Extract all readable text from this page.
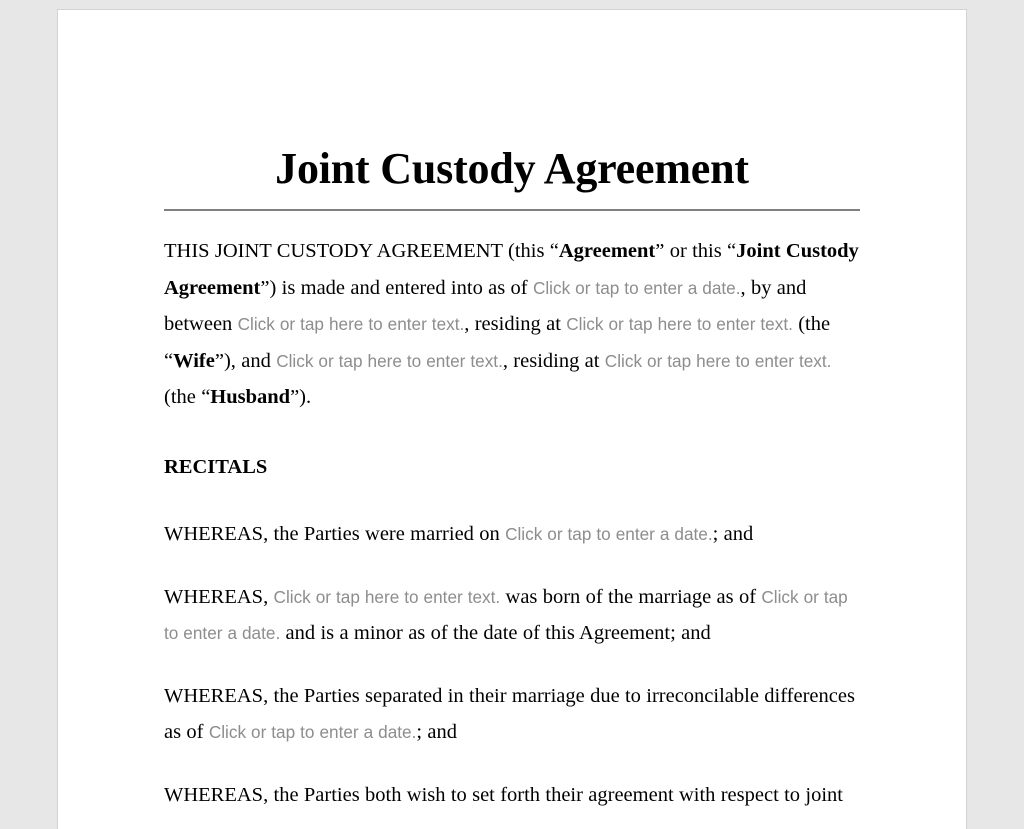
Joint Custody Agreement

THIS JOINT CUSTODY AGREEMENT (this “Agreement” or this “Joint Custody Agreement”) is made and entered into as of Click or tap to enter a date., by and between Click or tap here to enter text., residing at Click or tap here to enter text. (the “Wife”), and Click or tap here to enter text., residing at Click or tap here to enter text. (the “Husband”).

RECITALS

WHEREAS, the Parties were married on Click or tap to enter a date.; and

WHEREAS, Click or tap here to enter text. was born of the marriage as of Click or tap to enter a date. and is a minor as of the date of this Agreement; and

WHEREAS, the Parties separated in their marriage due to irreconcilable differences as of Click or tap to enter a date.; and

WHEREAS, the Parties both wish to set forth their agreement with respect to joint
